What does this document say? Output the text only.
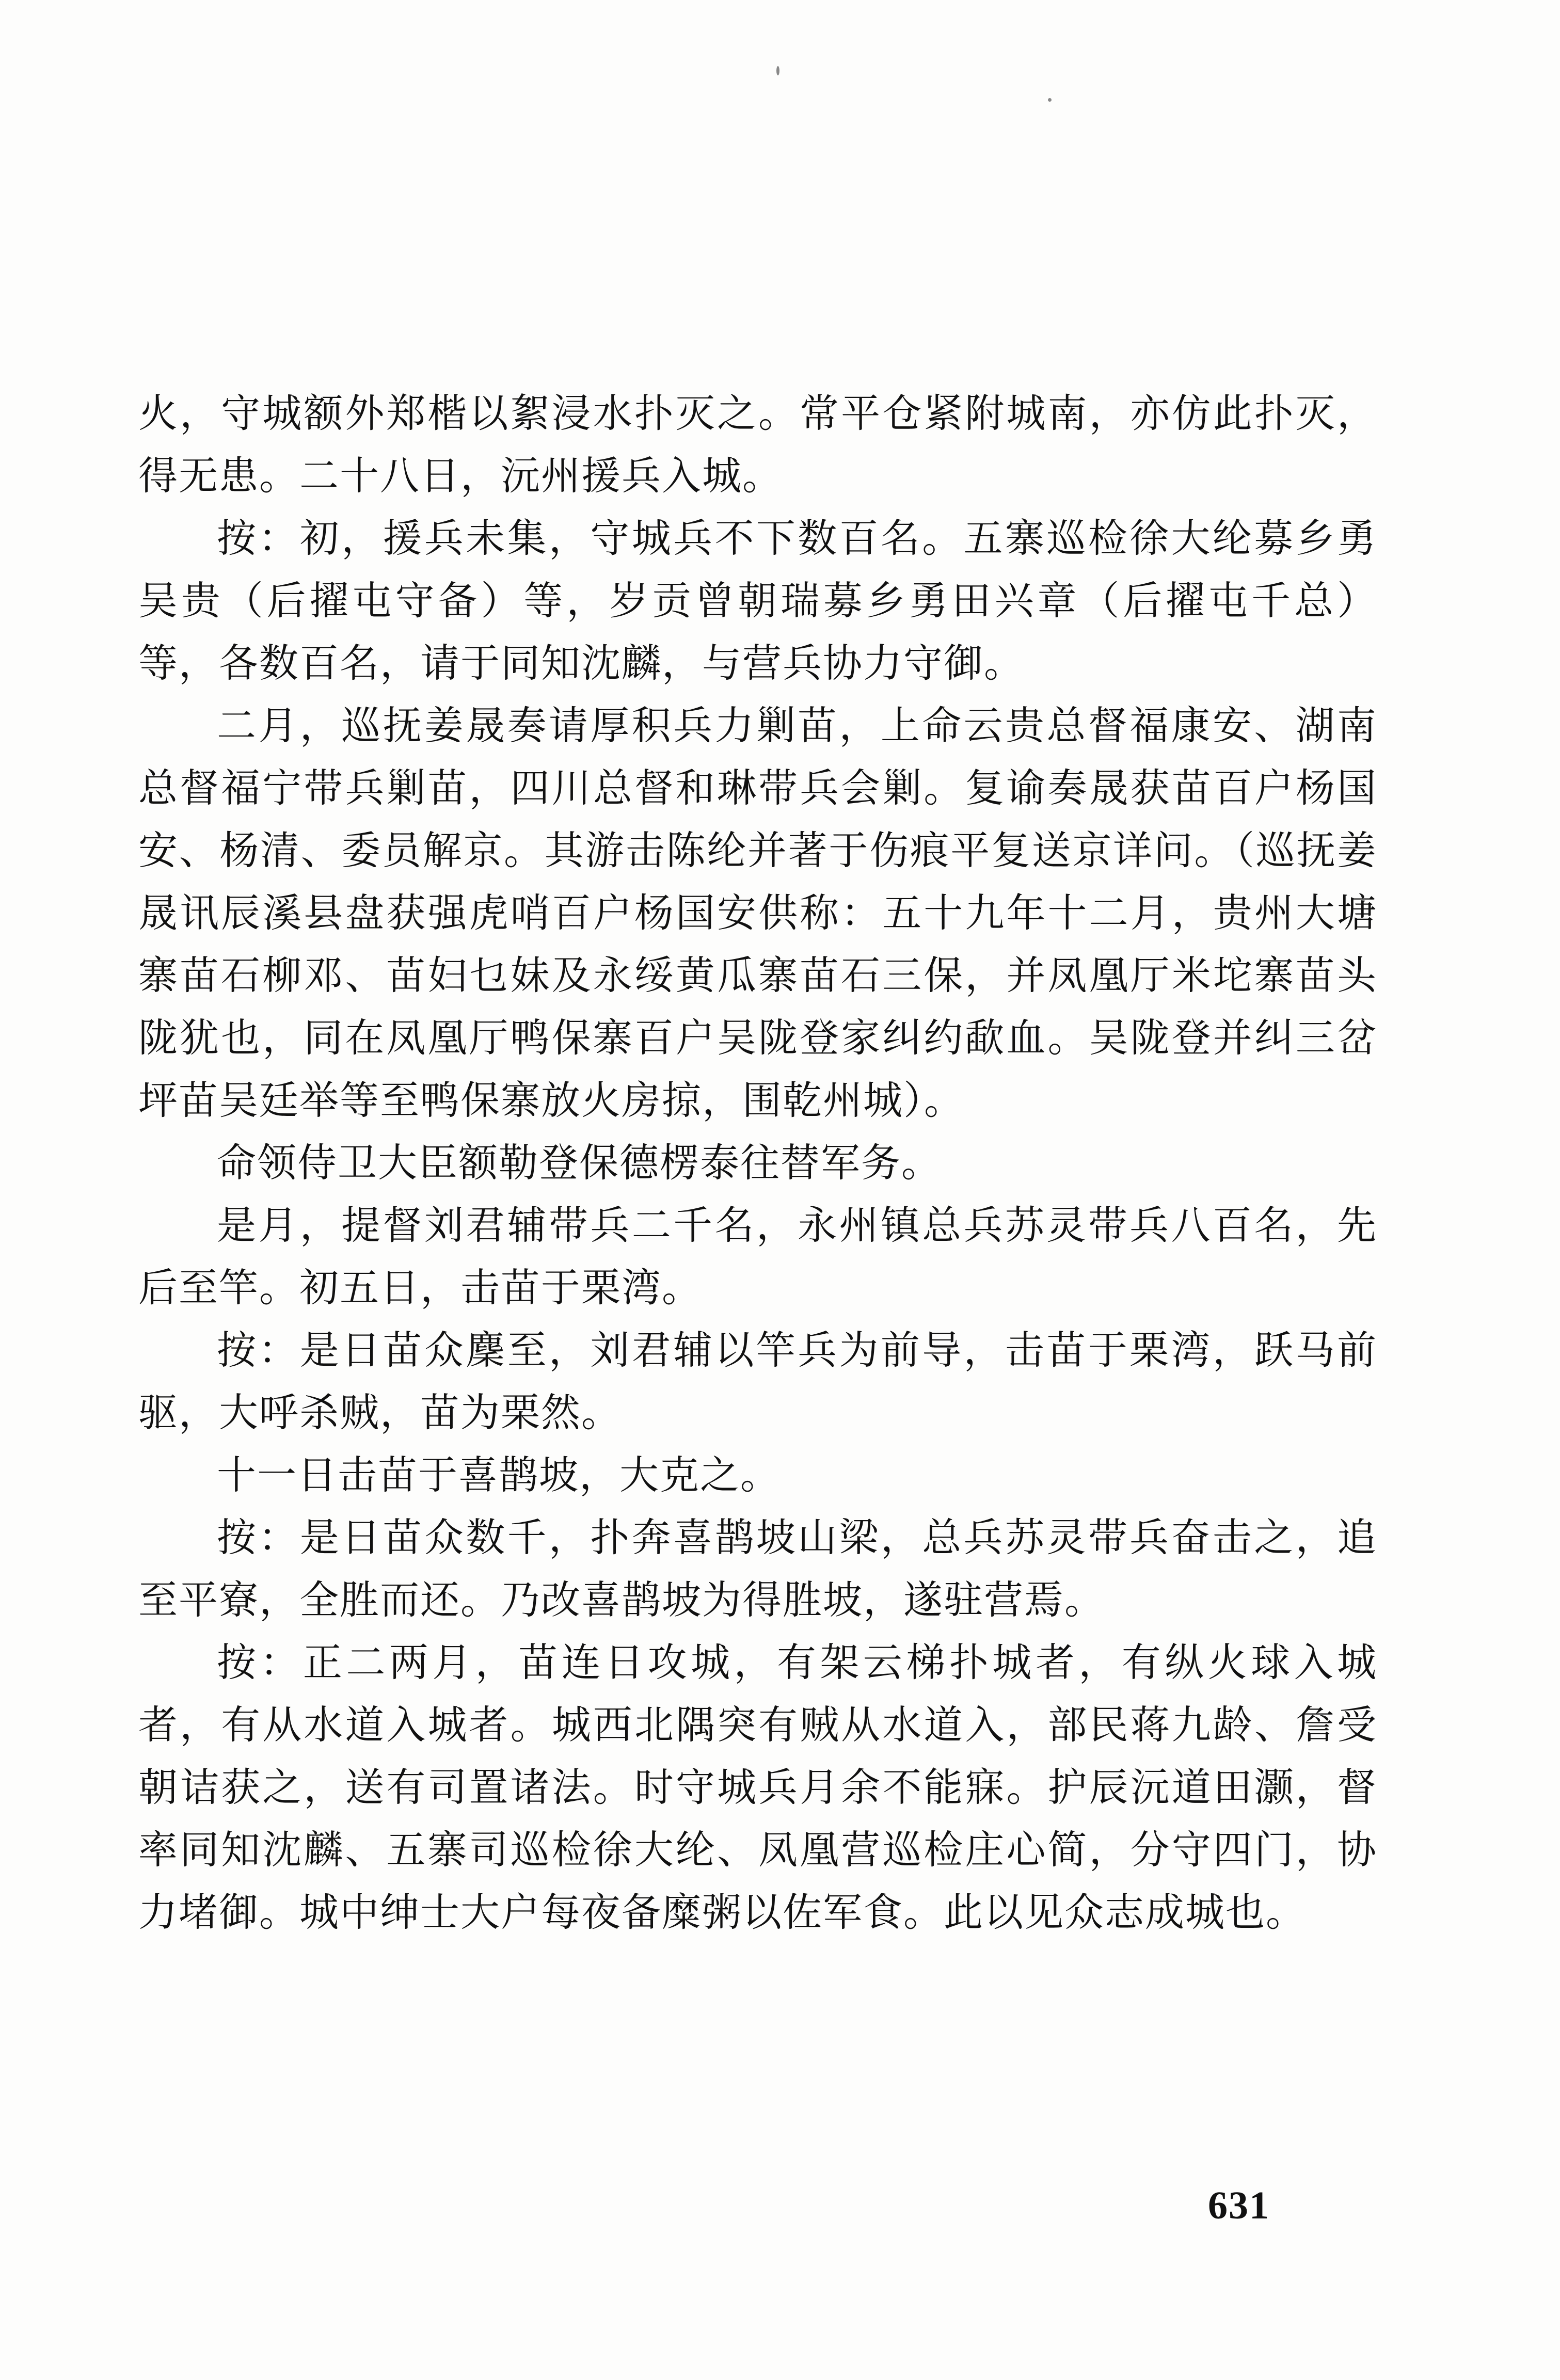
火，守城额外郑楷以絮浸水扑灭之。常平仓紧附城南，亦仿此扑灭，得无患。二十八日，沅州援兵入城。

按：初，援兵未集，守城兵不下数百名。五寨巡检徐大纶募乡勇吴贵（后擢屯守备）等，岁贡曾朝瑞募乡勇田兴章（后擢屯千总）等，各数百名，请于同知沈麟，与营兵协力守御。

二月，巡抚姜晟奏请厚积兵力剿苗，上命云贵总督福康安、湖南总督福宁带兵剿苗，四川总督和琳带兵会剿。复谕奏晟获苗百户杨国安、杨清、委员解京。其游击陈纶并著于伤痕平复送京详问。（巡抚姜晟讯辰溪县盘获强虎哨百户杨国安供称：五十九年十二月，贵州大塘寨苗石柳邓、苗妇乜妹及永绥黄瓜寨苗石三保，并凤凰厅米坨寨苗头陇犹也，同在凤凰厅鸭保寨百户吴陇登家纠约歃血。吴陇登并纠三岔坪苗吴廷举等至鸭保寨放火房掠，围乾州城）。

命领侍卫大臣额勒登保德楞泰往替军务。

是月，提督刘君辅带兵二千名，永州镇总兵苏灵带兵八百名，先后至竿。初五日，击苗于栗湾。

按：是日苗众麇至，刘君辅以竿兵为前导，击苗于栗湾，跃马前驱，大呼杀贼，苗为栗然。

十一日击苗于喜鹊坡，大克之。

按：是日苗众数千，扑奔喜鹊坡山梁，总兵苏灵带兵奋击之，追至平寮，全胜而还。乃改喜鹊坡为得胜坡，遂驻营焉。

按：正二两月，苗连日攻城，有架云梯扑城者，有纵火球入城者，有从水道入城者。城西北隅突有贼从水道入，部民蒋九龄、詹受朝诘获之，送有司置诸法。时守城兵月余不能寐。护辰沅道田灏，督率同知沈麟、五寨司巡检徐大纶、凤凰营巡检庄心简，分守四门，协力堵御。城中绅士大户每夜备糜粥以佐军食。此以见众志成城也。

631
